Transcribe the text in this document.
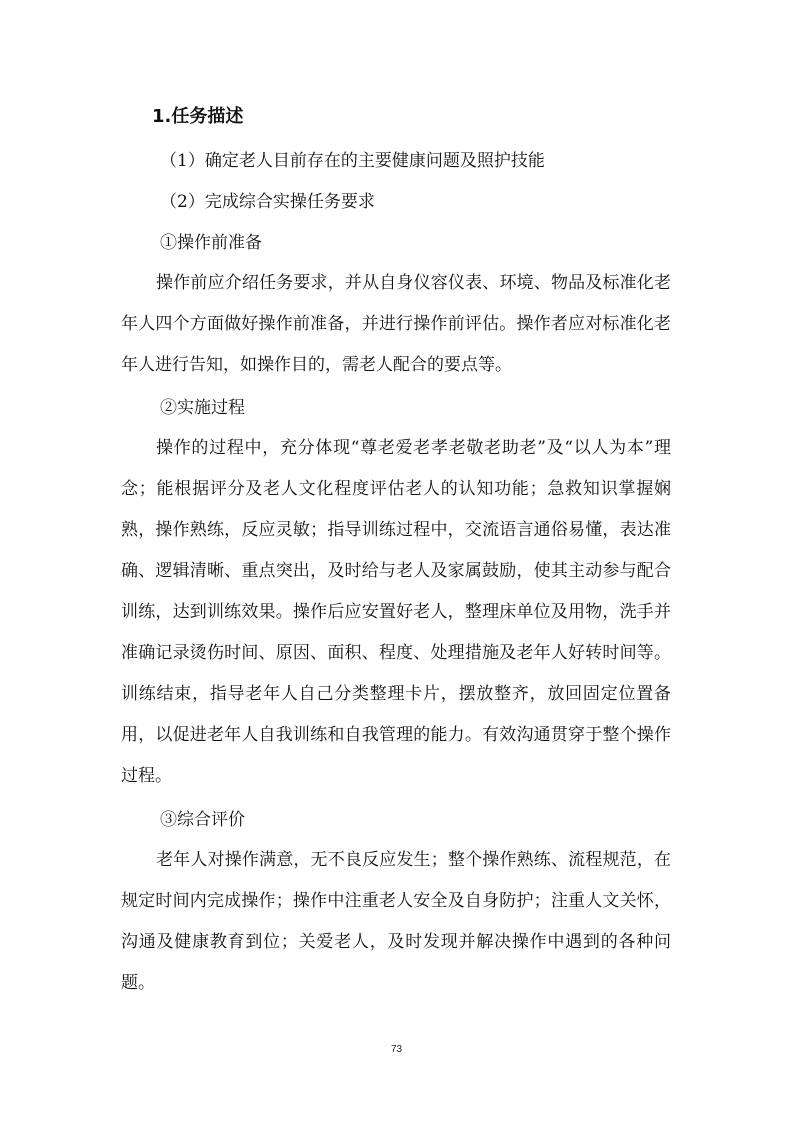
1.任务描述
（1）确定老人目前存在的主要健康问题及照护技能
（2）完成综合实操任务要求
①操作前准备
操作前应介绍任务要求，并从自身仪容仪表、环境、物品及标准化老年人四个方面做好操作前准备，并进行操作前评估。操作者应对标准化老年人进行告知，如操作目的，需老人配合的要点等。
②实施过程
操作的过程中，充分体现“尊老爱老孝老敬老助老”及“以人为本”理念；能根据评分及老人文化程度评估老人的认知功能；急救知识掌握娴熟，操作熟练，反应灵敏；指导训练过程中，交流语言通俗易懂，表达准确、逻辑清晰、重点突出，及时给与老人及家属鼓励，使其主动参与配合训练，达到训练效果。操作后应安置好老人，整理床单位及用物，洗手并准确记录烫伤时间、原因、面积、程度、处理措施及老年人好转时间等。训练结束，指导老年人自己分类整理卡片，摆放整齐，放回固定位置备用，以促进老年人自我训练和自我管理的能力。有效沟通贯穿于整个操作过程。
③综合评价
老年人对操作满意，无不良反应发生；整个操作熟练、流程规范，在规定时间内完成操作；操作中注重老人安全及自身防护；注重人文关怀，沟通及健康教育到位；关爱老人，及时发现并解决操作中遇到的各种问题。
73
